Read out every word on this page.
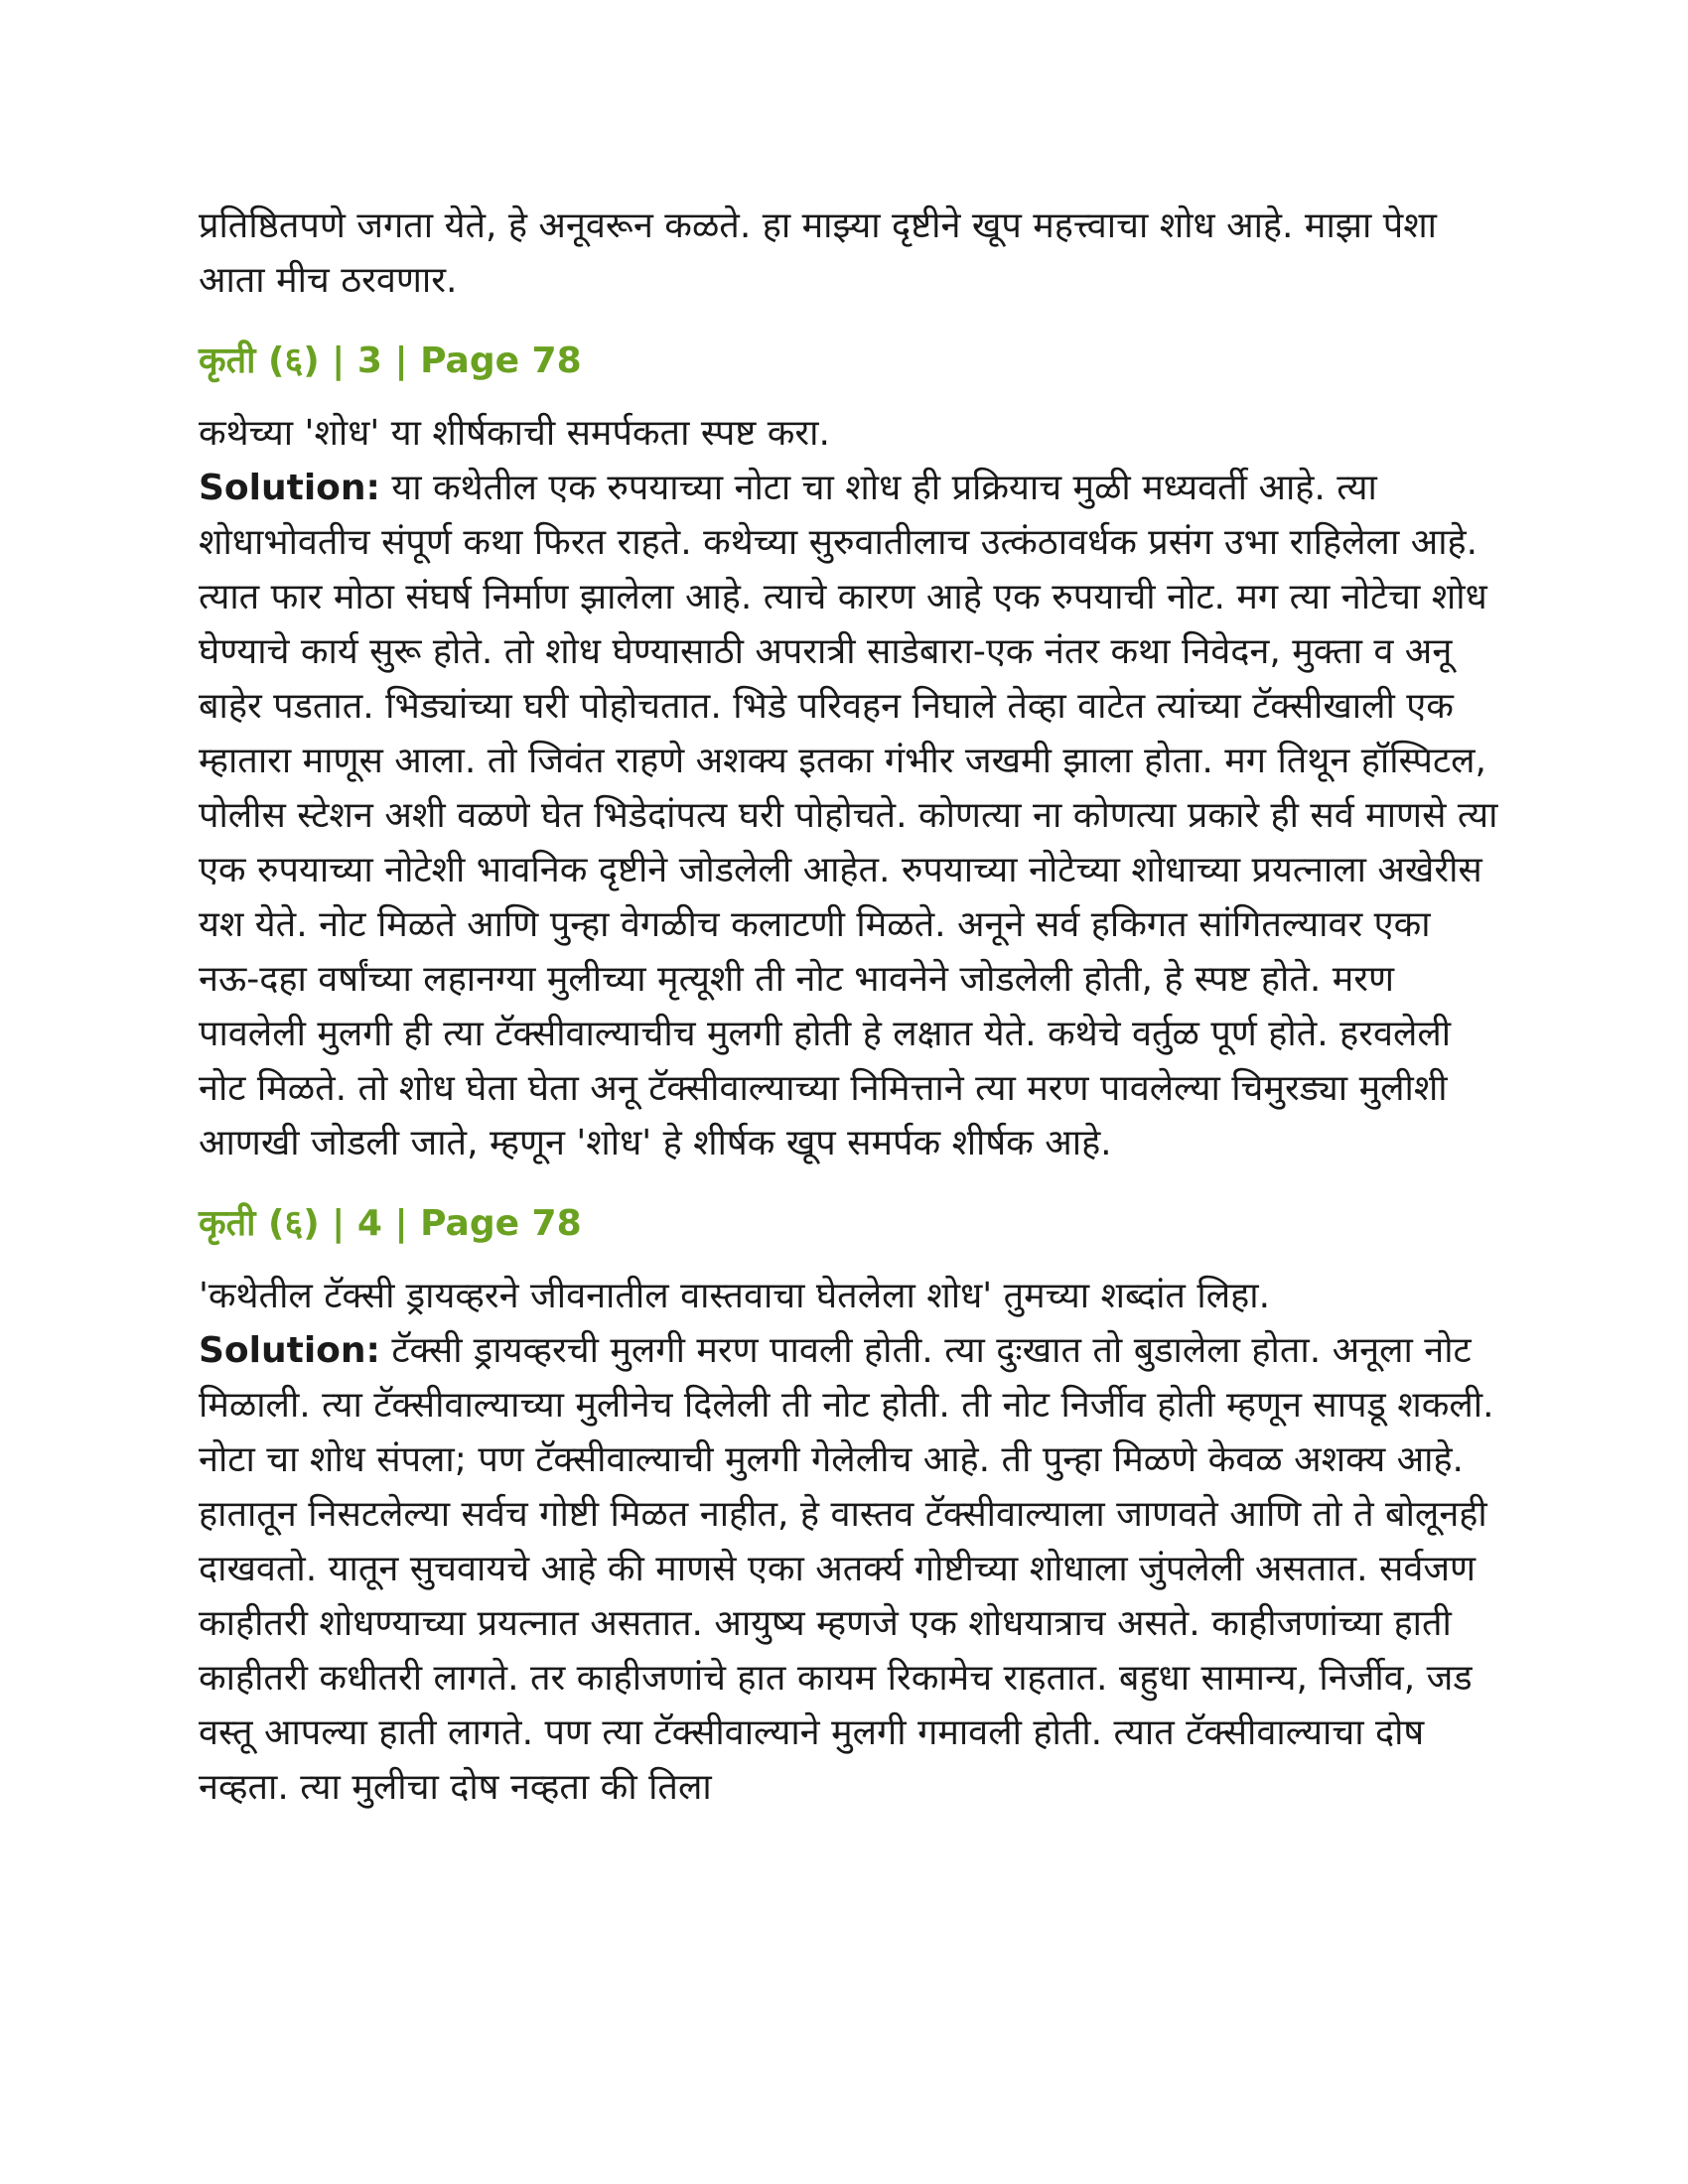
प्रतिष्ठितपणे जगता येते, हे अनूवरून कळते. हा माझ्या दृष्टीने खूप महत्त्वाचा शोध आहे. माझा पेशा आता मीच ठरवणार.

कृती (६) | 3 | Page 78

कथेच्या 'शोध' या शीर्षकाची समर्पकता स्पष्ट करा.

Solution: या कथेतील एक रुपयाच्या नोटा चा शोध ही प्रक्रियाच मुळी मध्यवर्ती आहे. त्या शोधाभोवतीच संपूर्ण कथा फिरत राहते. कथेच्या सुरुवातीलाच उत्कंठावर्धक प्रसंग उभा राहिलेला आहे. त्यात फार मोठा संघर्ष निर्माण झालेला आहे. त्याचे कारण आहे एक रुपयाची नोट. मग त्या नोटेचा शोध घेण्याचे कार्य सुरू होते. तो शोध घेण्यासाठी अपरात्री साडेबारा-एक नंतर कथा निवेदन, मुक्ता व अनू बाहेर पडतात. भिड्यांच्या घरी पोहोचतात. भिडे परिवहन निघाले तेव्हा वाटेत त्यांच्या टॅक्सीखाली एक म्हातारा माणूस आला. तो जिवंत राहणे अशक्य इतका गंभीर जखमी झाला होता. मग तिथून हॉस्पिटल, पोलीस स्टेशन अशी वळणे घेत भिडेदांपत्य घरी पोहोचते. कोणत्या ना कोणत्या प्रकारे ही सर्व माणसे त्या एक रुपयाच्या नोटेशी भावनिक दृष्टीने जोडलेली आहेत. रुपयाच्या नोटेच्या शोधाच्या प्रयत्नाला अखेरीस यश येते. नोट मिळते आणि पुन्हा वेगळीच कलाटणी मिळते. अनूने सर्व हकिगत सांगितल्यावर एका नऊ-दहा वर्षांच्या लहानग्या मुलीच्या मृत्यूशी ती नोट भावनेने जोडलेली होती, हे स्पष्ट होते. मरण पावलेली मुलगी ही त्या टॅक्सीवाल्याचीच मुलगी होती हे लक्षात येते. कथेचे वर्तुळ पूर्ण होते. हरवलेली नोट मिळते. तो शोध घेता घेता अनू टॅक्सीवाल्याच्या निमित्ताने त्या मरण पावलेल्या चिमुरड्या मुलीशी आणखी जोडली जाते, म्हणून 'शोध' हे शीर्षक खूप समर्पक शीर्षक आहे.

कृती (६) | 4 | Page 78

'कथेतील टॅक्सी ड्रायव्हरने जीवनातील वास्तवाचा घेतलेला शोध' तुमच्या शब्दांत लिहा.

Solution: टॅक्सी ड्रायव्हरची मुलगी मरण पावली होती. त्या दुःखात तो बुडालेला होता. अनूला नोट मिळाली. त्या टॅक्सीवाल्याच्या मुलीनेच दिलेली ती नोट होती. ती नोट निर्जीव होती म्हणून सापडू शकली. नोटा चा शोध संपला; पण टॅक्सीवाल्याची मुलगी गेलेलीच आहे. ती पुन्हा मिळणे केवळ अशक्य आहे. हातातून निसटलेल्या सर्वच गोष्टी मिळत नाहीत, हे वास्तव टॅक्सीवाल्याला जाणवते आणि तो ते बोलूनही दाखवतो. यातून सुचवायचे आहे की माणसे एका अतर्क्य गोष्टीच्या शोधाला जुंपलेली असतात. सर्वजण काहीतरी शोधण्याच्या प्रयत्नात असतात. आयुष्य म्हणजे एक शोधयात्राच असते. काहीजणांच्या हाती काहीतरी कधीतरी लागते. तर काहीजणांचे हात कायम रिकामेच राहतात. बहुधा सामान्य, निर्जीव, जड वस्तू आपल्या हाती लागते. पण त्या टॅक्सीवाल्याने मुलगी गमावली होती. त्यात टॅक्सीवाल्याचा दोष नव्हता. त्या मुलीचा दोष नव्हता की तिला
